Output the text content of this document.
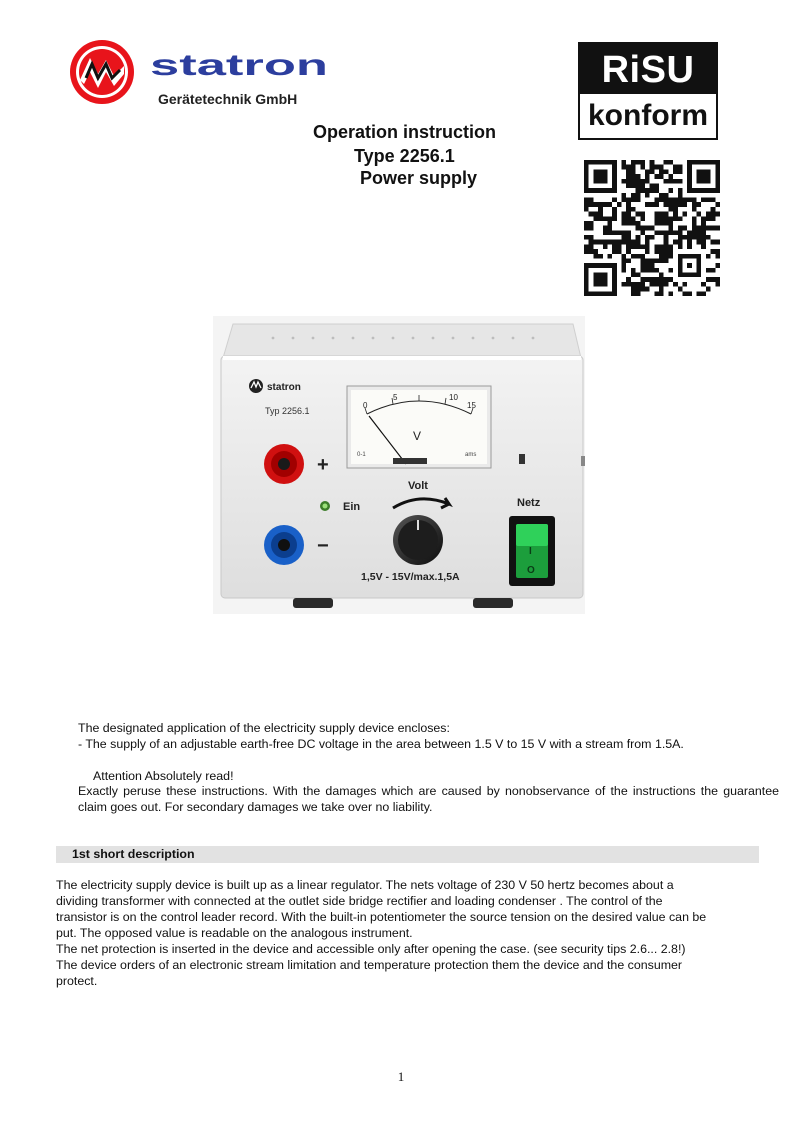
statron
Gerätetechnik GmbH
RiSU
konform
Operation instruction
Type 2256.1
Power supply
statron
Typ 2256.1
0
5	10
15
V
0-1	ams
+
Ein
−
Volt
1,5V - 15V/max.1,5A
Netz
I
O
The designated application of the electricity supply device encloses:
- The supply of an adjustable earth-free DC voltage in the area between 1.5 V to 15 V with a stream from 1.5A.
Attention Absolutely read!
Exactly peruse these instructions. With the damages which are caused by nonobservance of the instructions the guarantee claim goes out. For secondary damages we take over no liability.
1st short description
The electricity supply device is built up as a linear regulator. The nets voltage of 230 V 50 hertz becomes about a
dividing transformer with connected at the outlet side bridge rectifier and loading condenser . The control of the
transistor is on the control leader record. With the built-in potentiometer the source tension on the desired value can be
put. The opposed value is readable on the analogous instrument.
The net protection is inserted in the device and accessible only after opening the case. (see security tips 2.6... 2.8!)
The device orders of an electronic stream limitation and temperature protection them the device and the consumer
protect.
1
